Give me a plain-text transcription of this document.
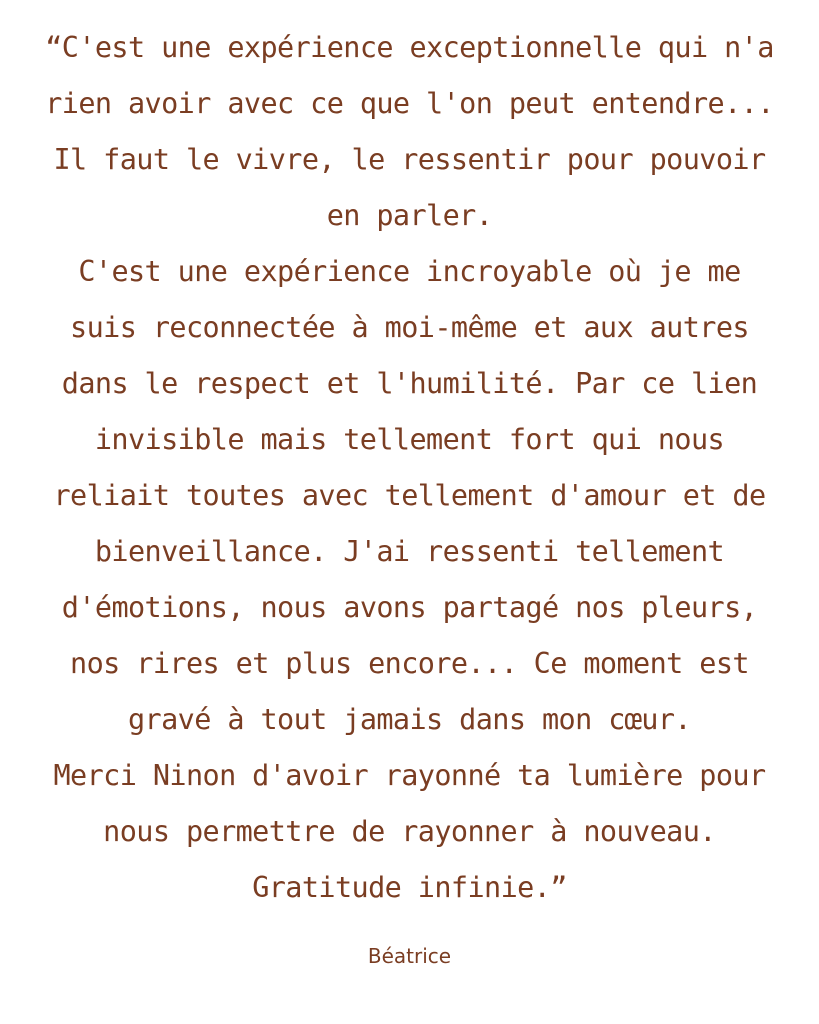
“C'est une expérience exceptionnelle qui n'a
rien avoir avec ce que l'on peut entendre...
Il faut le vivre, le ressentir pour pouvoir
en parler.
C'est une expérience incroyable où je me
suis reconnectée à moi-même et aux autres
dans le respect et l'humilité. Par ce lien
invisible mais tellement fort qui nous
reliait toutes avec tellement d'amour et de
bienveillance. J'ai ressenti tellement
d'émotions, nous avons partagé nos pleurs,
nos rires et plus encore... Ce moment est
gravé à tout jamais dans mon cœur.
Merci Ninon d'avoir rayonné ta lumière pour
nous permettre de rayonner à nouveau.
Gratitude infinie.”
Béatrice
